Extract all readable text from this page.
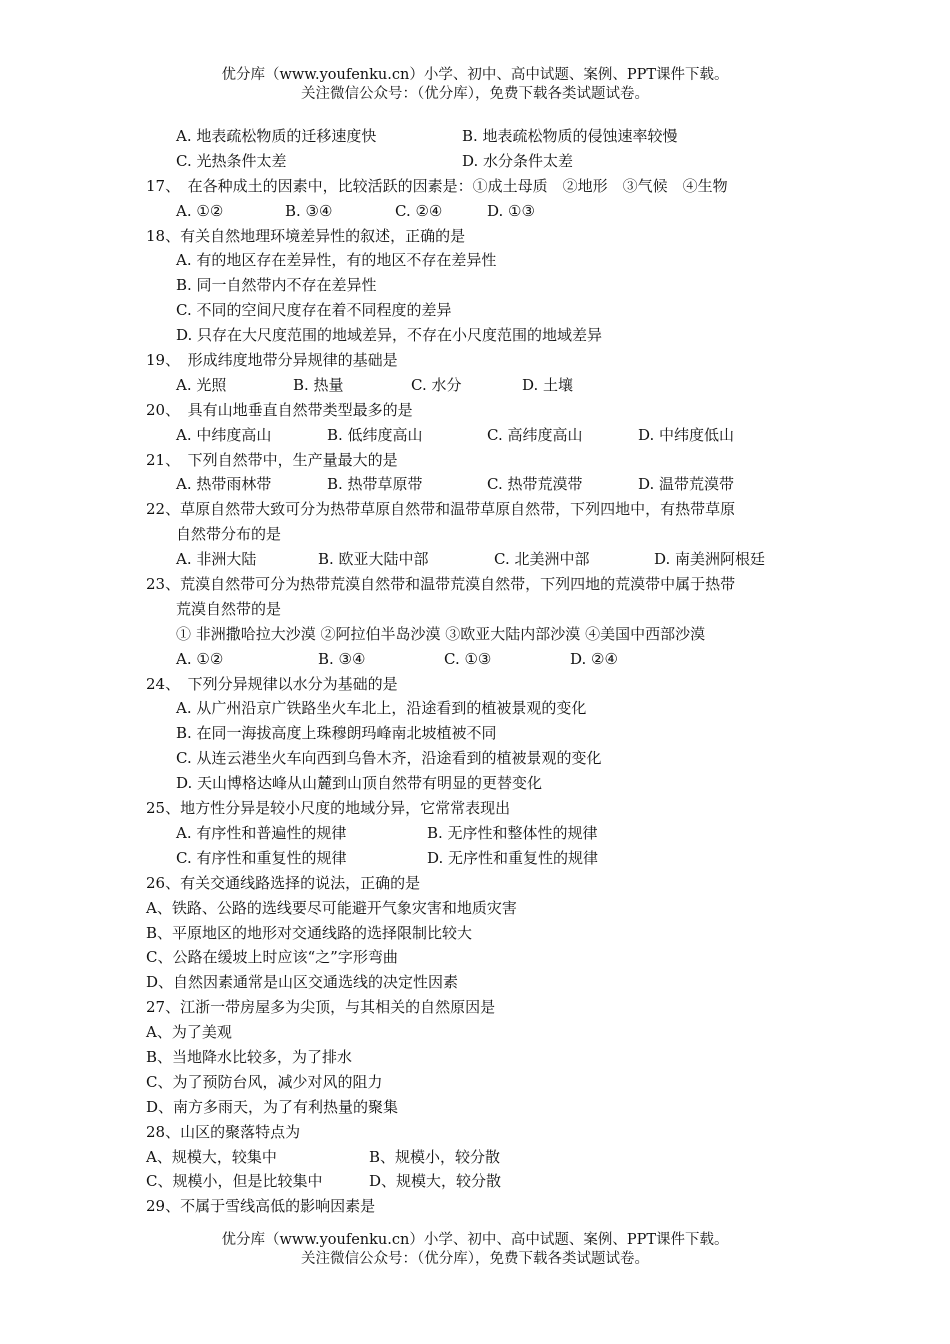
优分库（www.youfenku.cn）小学、初中、高中试题、案例、PPT课件下载。
关注微信公众号：（优分库），免费下载各类试题试卷。
A. 地表疏松物质的迁移速度快	B. 地表疏松物质的侵蚀速率较慢
C. 光热条件太差	D. 水分条件太差
17、　在各种成土的因素中，比较活跃的因素是：①成土母质　②地形　③气候　④生物
A. ①②	B. ③④	C. ②④	D. ①③
18、有关自然地理环境差异性的叙述，正确的是
A. 有的地区存在差异性，有的地区不存在差异性
B. 同一自然带内不存在差异性
C. 不同的空间尺度存在着不同程度的差异
D. 只存在大尺度范围的地域差异，不存在小尺度范围的地域差异
19、　形成纬度地带分异规律的基础是
A. 光照	B. 热量	C. 水分	D. 土壤
20、　具有山地垂直自然带类型最多的是
A. 中纬度高山	B. 低纬度高山	C. 高纬度高山	D. 中纬度低山
21、　下列自然带中，生产量最大的是
A. 热带雨林带	B. 热带草原带	C. 热带荒漠带	D. 温带荒漠带
22、草原自然带大致可分为热带草原自然带和温带草原自然带，下列四地中，有热带草原
自然带分布的是
A. 非洲大陆	B. 欧亚大陆中部	C. 北美洲中部	D. 南美洲阿根廷
23、荒漠自然带可分为热带荒漠自然带和温带荒漠自然带，下列四地的荒漠带中属于热带
荒漠自然带的是
① 非洲撒哈拉大沙漠 ②阿拉伯半岛沙漠 ③欧亚大陆内部沙漠 ④美国中西部沙漠
A. ①②	B. ③④	C. ①③	D. ②④
24、　下列分异规律以水分为基础的是
A. 从广州沿京广铁路坐火车北上，沿途看到的植被景观的变化
B. 在同一海拔高度上珠穆朗玛峰南北坡植被不同
C. 从连云港坐火车向西到乌鲁木齐，沿途看到的植被景观的变化
D. 天山博格达峰从山麓到山顶自然带有明显的更替变化
25、地方性分异是较小尺度的地域分异，它常常表现出
A. 有序性和普遍性的规律	B. 无序性和整体性的规律
C. 有序性和重复性的规律	D. 无序性和重复性的规律
26、有关交通线路选择的说法，正确的是
A、铁路、公路的选线要尽可能避开气象灾害和地质灾害
B、平原地区的地形对交通线路的选择限制比较大
C、公路在缓坡上时应该“之”字形弯曲
D、自然因素通常是山区交通选线的决定性因素
27、江浙一带房屋多为尖顶，与其相关的自然原因是
A、为了美观
B、当地降水比较多，为了排水
C、为了预防台风，减少对风的阻力
D、南方多雨天，为了有利热量的聚集
28、山区的聚落特点为
A、规模大，较集中	B、规模小，较分散
C、规模小，但是比较集中	D、规模大，较分散
29、不属于雪线高低的影响因素是
优分库（www.youfenku.cn）小学、初中、高中试题、案例、PPT课件下载。
关注微信公众号：（优分库），免费下载各类试题试卷。
